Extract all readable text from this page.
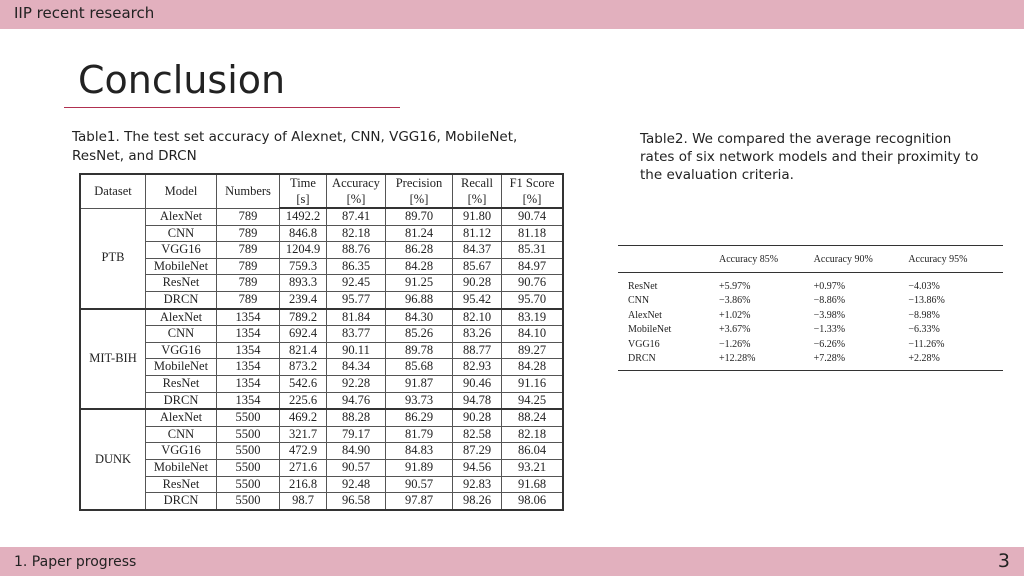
IIP recent research
Conclusion
Table1. The test set accuracy of Alexnet, CNN, VGG16, MobileNet, ResNet, and DRCN
Dataset	Model	Numbers	Time	Accuracy	Precision	Recall	F1 Score
			[s]	[%]	[%]	[%]	[%]
PTB	AlexNet	789	1492.2	87.41	89.70	91.80	90.74
	CNN	789	846.8	82.18	81.24	81.12	81.18
	VGG16	789	1204.9	88.76	86.28	84.37	85.31
	MobileNet	789	759.3	86.35	84.28	85.67	84.97
	ResNet	789	893.3	92.45	91.25	90.28	90.76
	DRCN	789	239.4	95.77	96.88	95.42	95.70
MIT-BIH	AlexNet	1354	789.2	81.84	84.30	82.10	83.19
	CNN	1354	692.4	83.77	85.26	83.26	84.10
	VGG16	1354	821.4	90.11	89.78	88.77	89.27
	MobileNet	1354	873.2	84.34	85.68	82.93	84.28
	ResNet	1354	542.6	92.28	91.87	90.46	91.16
	DRCN	1354	225.6	94.76	93.73	94.78	94.25
DUNK	AlexNet	5500	469.2	88.28	86.29	90.28	88.24
	CNN	5500	321.7	79.17	81.79	82.58	82.18
	VGG16	5500	472.9	84.90	84.83	87.29	86.04
	MobileNet	5500	271.6	90.57	91.89	94.56	93.21
	ResNet	5500	216.8	92.48	90.57	92.83	91.68
	DRCN	5500	98.7	96.58	97.87	98.26	98.06
Table2. We compared the average recognition rates of six network models and their proximity to the evaluation criteria.
	Accuracy 85%	Accuracy 90%	Accuracy 95%
ResNet	+5.97%	+0.97%	−4.03%
CNN	−3.86%	−8.86%	−13.86%
AlexNet	+1.02%	−3.98%	−8.98%
MobileNet	+3.67%	−1.33%	−6.33%
VGG16	−1.26%	−6.26%	−11.26%
DRCN	+12.28%	+7.28%	+2.28%
1. Paper progress	3
